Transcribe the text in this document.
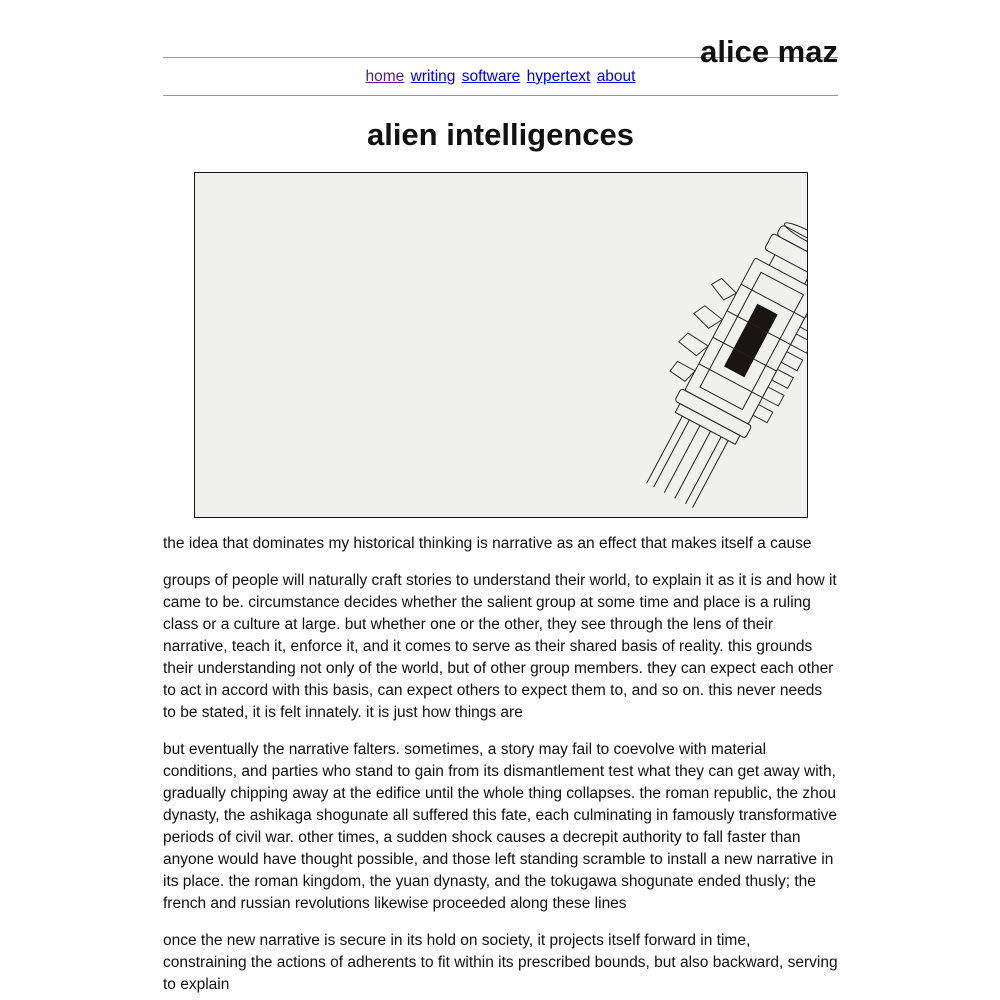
alice maz
home writing software hypertext about
alien intelligences

the idea that dominates my historical thinking is narrative as an effect that makes itself a cause

groups of people will naturally craft stories to understand their world, to explain it as it is and how it came to be. circumstance decides whether the salient group at some time and place is a ruling class or a culture at large. but whether one or the other, they see through the lens of their narrative, teach it, enforce it, and it comes to serve as their shared basis of reality. this grounds their understanding not only of the world, but of other group members. they can expect each other to act in accord with this basis, can expect others to expect them to, and so on. this never needs to be stated, it is felt innately. it is just how things are

but eventually the narrative falters. sometimes, a story may fail to coevolve with material conditions, and parties who stand to gain from its dismantlement test what they can get away with, gradually chipping away at the edifice until the whole thing collapses. the roman republic, the zhou dynasty, the ashikaga shogunate all suffered this fate, each culminating in famously transformative periods of civil war. other times, a sudden shock causes a decrepit authority to fall faster than anyone would have thought possible, and those left standing scramble to install a new narrative in its place. the roman kingdom, the yuan dynasty, and the tokugawa shogunate ended thusly; the french and russian revolutions likewise proceeded along these lines

once the new narrative is secure in its hold on society, it projects itself forward in time, constraining the actions of adherents to fit within its prescribed bounds, but also backward, serving to explain
